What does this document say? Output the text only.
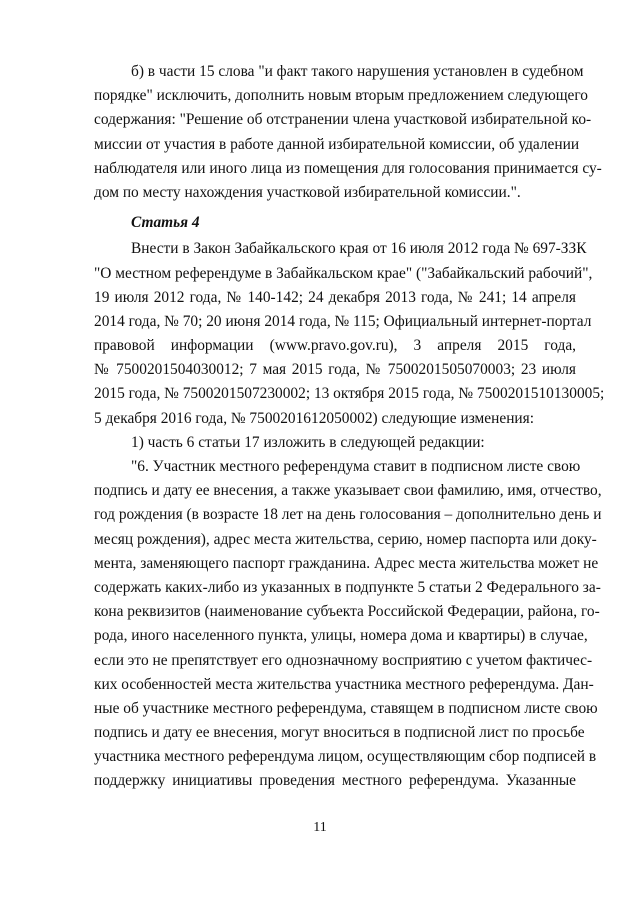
б) в части 15 слова "и факт такого нарушения установлен в судебном
порядке" исключить, дополнить новым вторым предложением следующего
содержания: "Решение об отстранении члена участковой избирательной ко-
миссии от участия в работе данной избирательной комиссии, об удалении
наблюдателя или иного лица из помещения для голосования принимается су-
дом по месту нахождения участковой избирательной комиссии.".
Статья 4
Внести в Закон Забайкальского края от 16 июля 2012 года № 697-ЗЗК
"О местном референдуме в Забайкальском крае" ("Забайкальский рабочий",
19 июля 2012 года, № 140-142; 24 декабря 2013 года, № 241; 14 апреля
2014 года, № 70; 20 июня 2014 года, № 115; Официальный интернет-портал
правовой информации (www.pravo.gov.ru), 3 апреля 2015 года,
№ 7500201504030012; 7 мая 2015 года, № 7500201505070003; 23 июля
2015 года, № 7500201507230002; 13 октября 2015 года, № 7500201510130005;
5 декабря 2016 года, № 7500201612050002) следующие изменения:
1) часть 6 статьи 17 изложить в следующей редакции:
"6. Участник местного референдума ставит в подписном листе свою
подпись и дату ее внесения, а также указывает свои фамилию, имя, отчество,
год рождения (в возрасте 18 лет на день голосования – дополнительно день и
месяц рождения), адрес места жительства, серию, номер паспорта или доку-
мента, заменяющего паспорт гражданина. Адрес места жительства может не
содержать каких-либо из указанных в подпункте 5 статьи 2 Федерального за-
кона реквизитов (наименование субъекта Российской Федерации, района, го-
рода, иного населенного пункта, улицы, номера дома и квартиры) в случае,
если это не препятствует его однозначному восприятию с учетом фактичес-
ких особенностей места жительства участника местного референдума. Дан-
ные об участнике местного референдума, ставящем в подписном листе свою
подпись и дату ее внесения, могут вноситься в подписной лист по просьбе
участника местного референдума лицом, осуществляющим сбор подписей в
поддержку инициативы проведения местного референдума. Указанные
11
